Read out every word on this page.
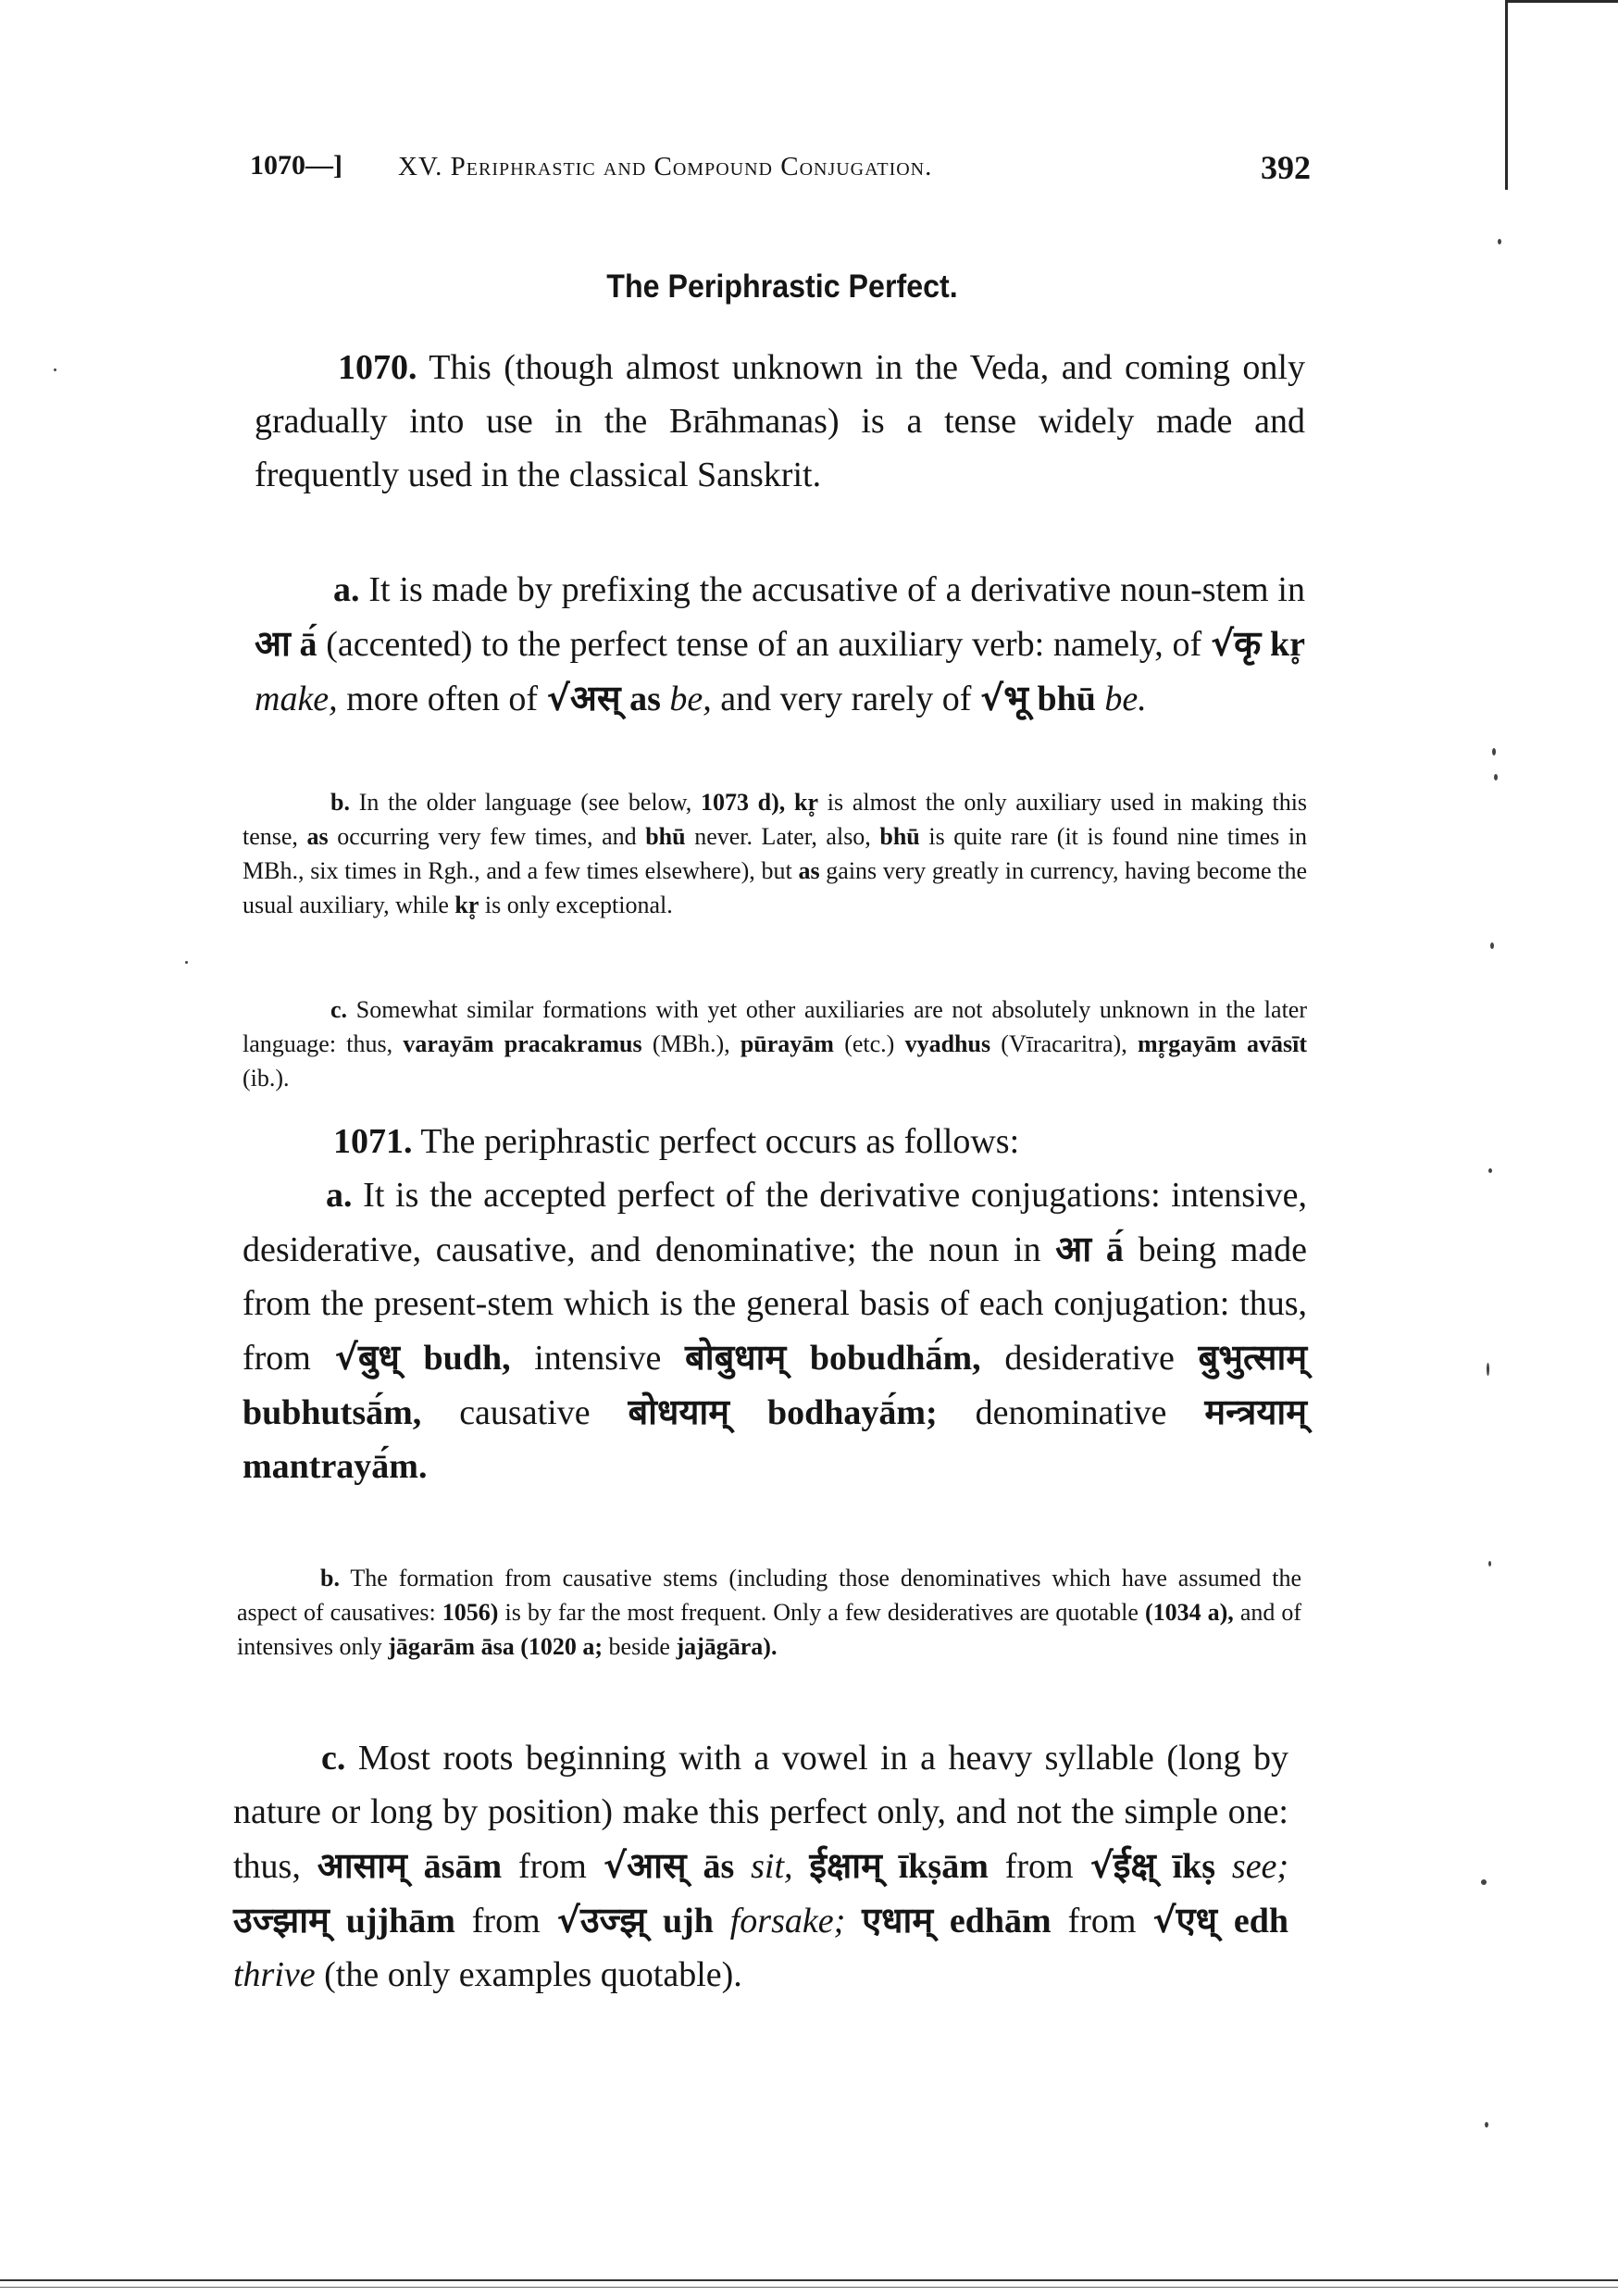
1070—] XV. Periphrastic and Compound Conjugation.	392
The Periphrastic Perfect.
1070. This (though almost unknown in the Veda, and coming only gradually into use in the Brāhmanas) is a tense widely made and frequently used in the classical Sanskrit.
a. It is made by prefixing the accusative of a derivative noun-stem in आ ā́ (accented) to the perfect tense of an auxiliary verb: namely, of √कृ kr̥ make, more often of √अस् as be, and very rarely of √भू bhū be.
b. In the older language (see below, 1073 d), kr̥ is almost the only auxiliary used in making this tense, as occurring very few times, and bhū never. Later, also, bhū is quite rare (it is found nine times in MBh., six times in Rgh., and a few times elsewhere), but as gains very greatly in currency, having become the usual auxiliary, while kr̥ is only exceptional.
c. Somewhat similar formations with yet other auxiliaries are not absolutely unknown in the later language: thus, varayām pracakramus (MBh.), pūrayām (etc.) vyadhus (Vīracaritra), mr̥gayām avāsīt (ib.).
1071. The periphrastic perfect occurs as follows:
a. It is the accepted perfect of the derivative conjugations: intensive, desiderative, causative, and denominative; the noun in आ ā́ being made from the present-stem which is the general basis of each conjugation: thus, from √बुध् budh, intensive बोबुधाम् bobudhā́m, desiderative बुभुत्साम् bubhutsā́m, causative बोधयाम् bodhayā́m; denominative मन्त्रयाम् mantrayā́m.
b. The formation from causative stems (including those denominatives which have assumed the aspect of causatives: 1056) is by far the most frequent. Only a few desideratives are quotable (1034 a), and of intensives only jāgarām āsa (1020 a; beside jajāgāra).
c. Most roots beginning with a vowel in a heavy syllable (long by nature or long by position) make this perfect only, and not the simple one: thus, आसाम् āsām from √आस् ās sit, ईक्षाम् īkṣām from √ईक्ष् īkṣ see; उज्झाम् ujjhām from √उज्झ् ujh forsake; एधाम् edhām from √एध् edh thrive (the only examples quotable).
